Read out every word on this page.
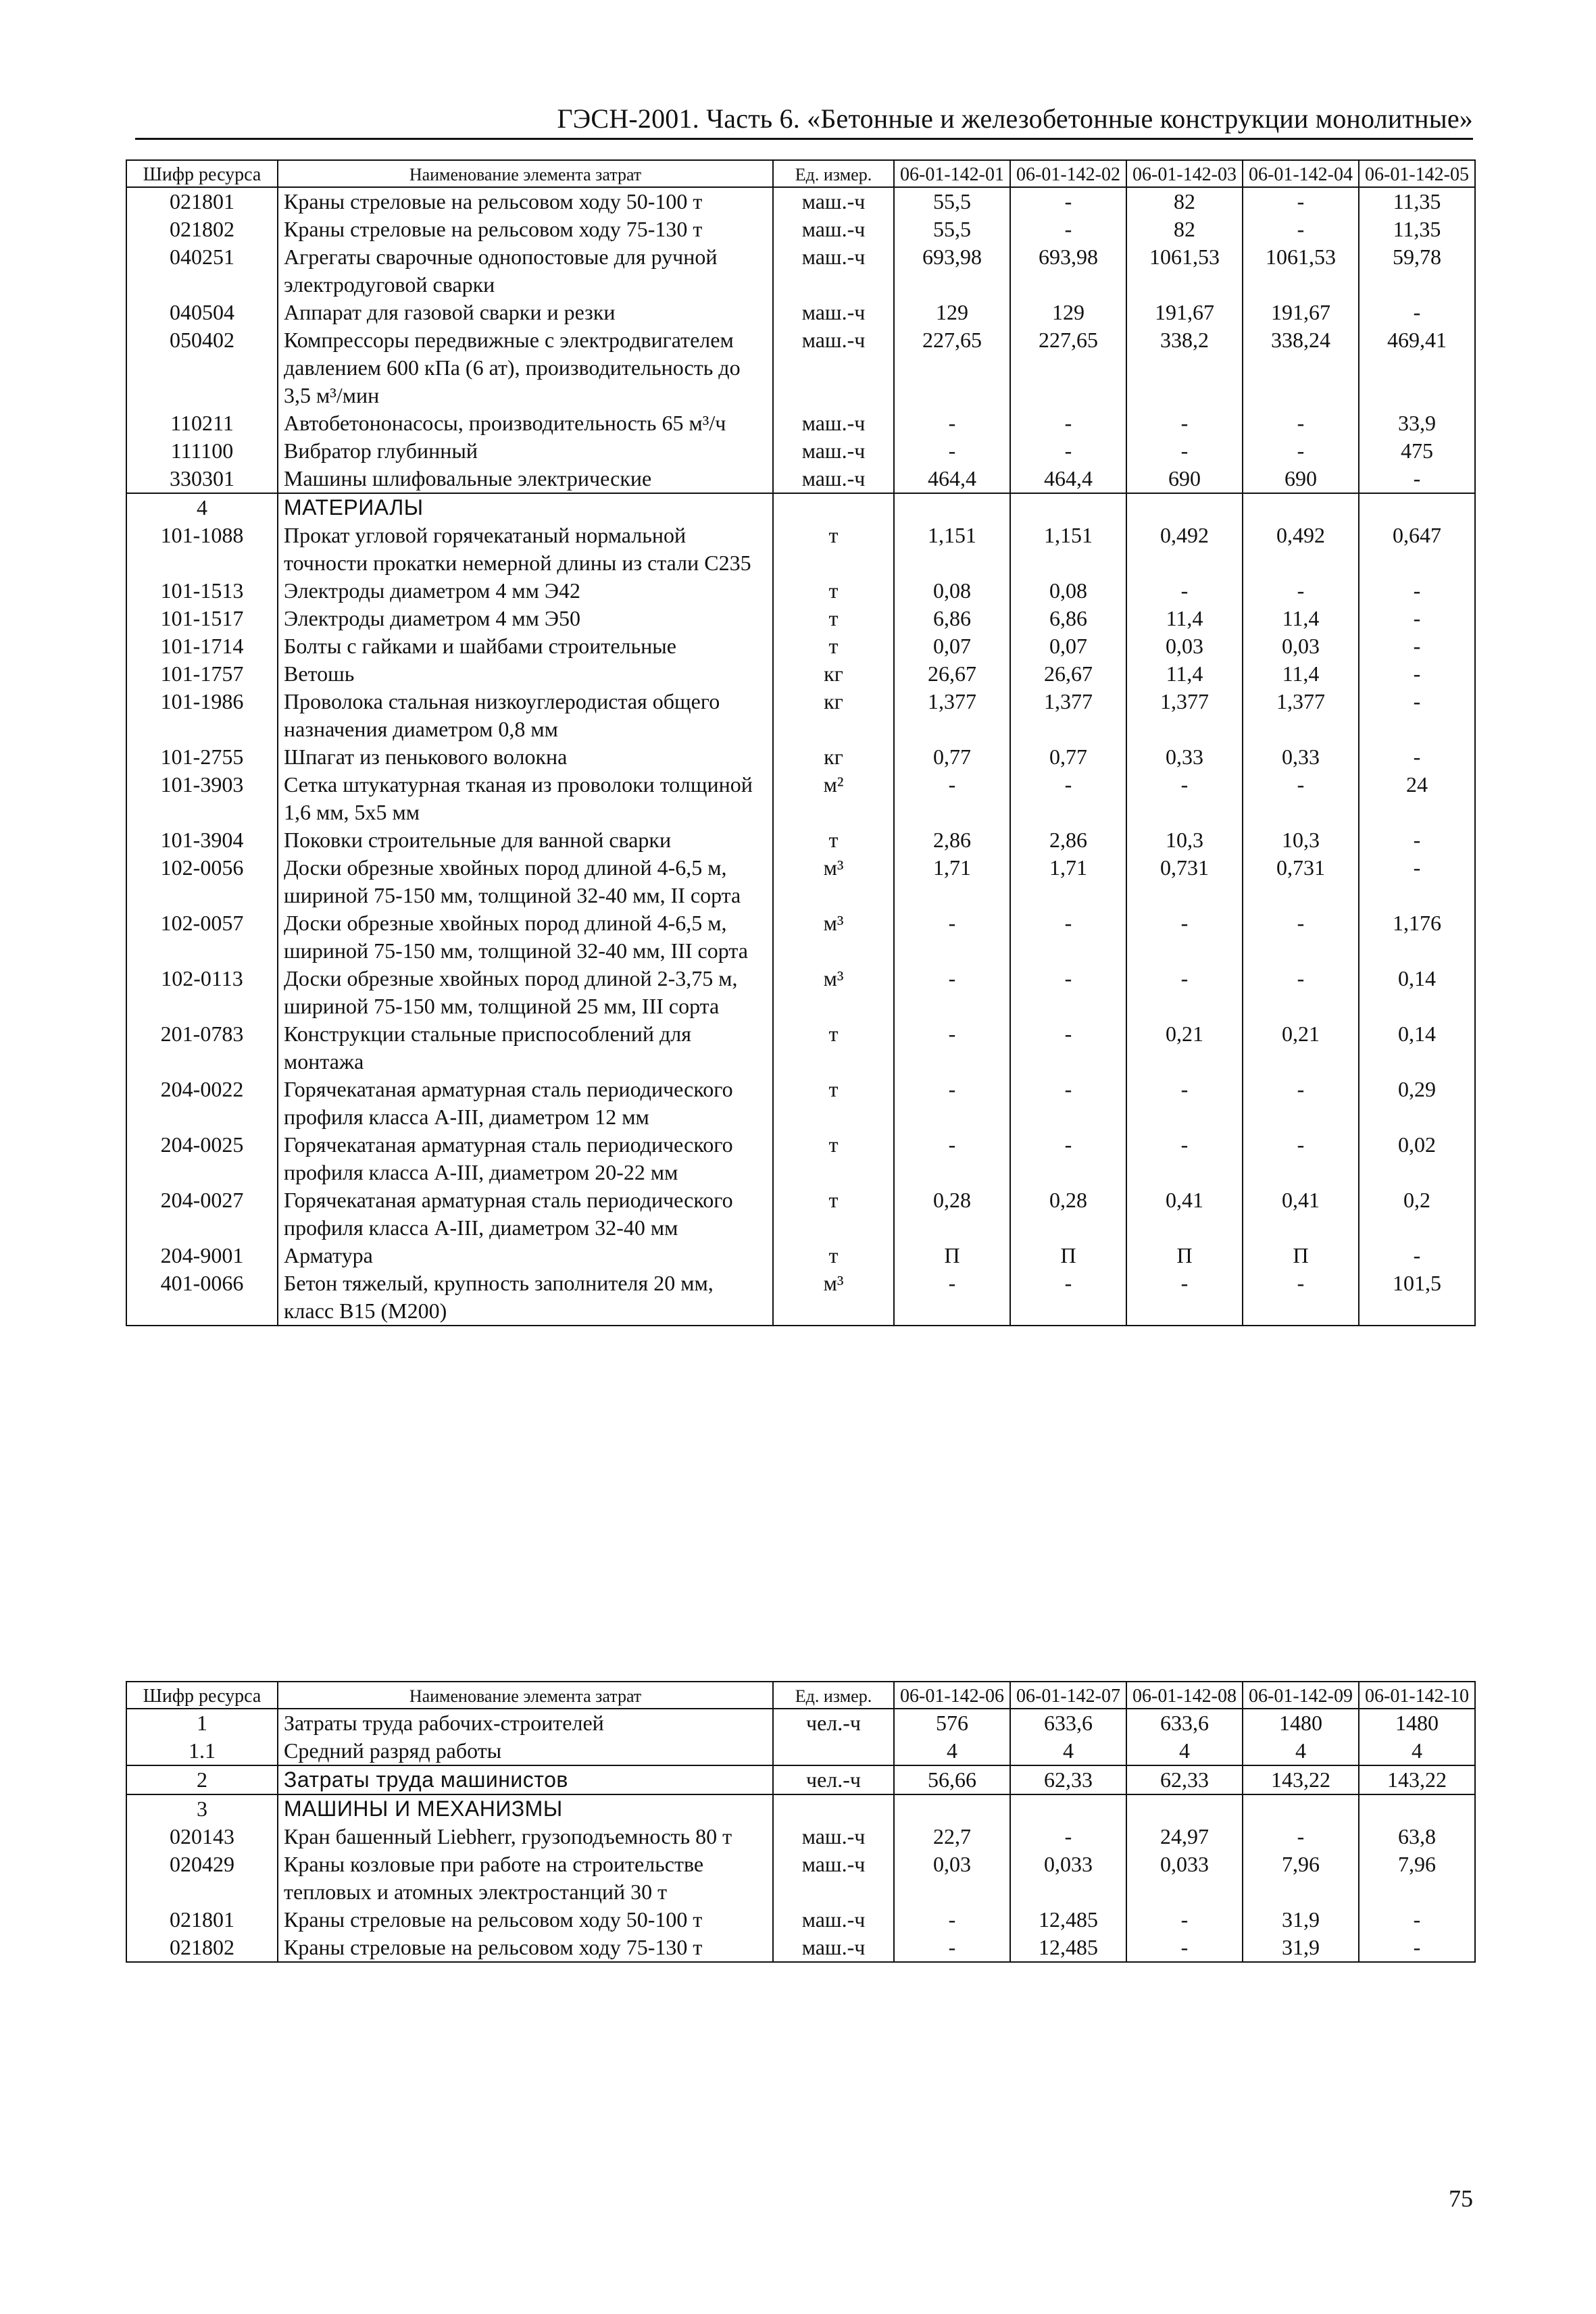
ГЭСН-2001. Часть 6. «Бетонные и железобетонные конструкции монолитные»
Шифр ресурса	Наименование элемента затрат	Ед. измер.	06-01-142-01	06-01-142-02	06-01-142-03	06-01-142-04	06-01-142-05
021801	Краны стреловые на рельсовом ходу 50-100 т	маш.-ч	55,5	-	82	-	11,35
021802	Краны стреловые на рельсовом ходу 75-130 т	маш.-ч	55,5	-	82	-	11,35
040251	Агрегаты сварочные однопостовые для ручной электродуговой сварки	маш.-ч	693,98	693,98	1061,53	1061,53	59,78
040504	Аппарат для газовой сварки и резки	маш.-ч	129	129	191,67	191,67	-
050402	Компрессоры передвижные с электродвигателем давлением 600 кПа (6 ат), производительность до 3,5 м³/мин	маш.-ч	227,65	227,65	338,2	338,24	469,41
110211	Автобетононасосы, производительность 65 м³/ч	маш.-ч	-	-	-	-	33,9
111100	Вибратор глубинный	маш.-ч	-	-	-	-	475
330301	Машины шлифовальные электрические	маш.-ч	464,4	464,4	690	690	-
4	МАТЕРИАЛЫ						
101-1088	Прокат угловой горячекатаный нормальной точности прокатки немерной длины из стали С235	т	1,151	1,151	0,492	0,492	0,647
101-1513	Электроды диаметром 4 мм Э42	т	0,08	0,08	-	-	-
101-1517	Электроды диаметром 4 мм Э50	т	6,86	6,86	11,4	11,4	-
101-1714	Болты с гайками и шайбами строительные	т	0,07	0,07	0,03	0,03	-
101-1757	Ветошь	кг	26,67	26,67	11,4	11,4	-
101-1986	Проволока стальная низкоуглеродистая общего назначения диаметром 0,8 мм	кг	1,377	1,377	1,377	1,377	-
101-2755	Шпагат из пенькового волокна	кг	0,77	0,77	0,33	0,33	-
101-3903	Сетка штукатурная тканая из проволоки толщиной 1,6 мм, 5х5 мм	м²	-	-	-	-	24
101-3904	Поковки строительные для ванной сварки	т	2,86	2,86	10,3	10,3	-
102-0056	Доски обрезные хвойных пород длиной 4-6,5 м, шириной 75-150 мм, толщиной 32-40 мм, II сорта	м³	1,71	1,71	0,731	0,731	-
102-0057	Доски обрезные хвойных пород длиной 4-6,5 м, шириной 75-150 мм, толщиной 32-40 мм, III сорта	м³	-	-	-	-	1,176
102-0113	Доски обрезные хвойных пород длиной 2-3,75 м, шириной 75-150 мм, толщиной 25 мм, III сорта	м³	-	-	-	-	0,14
201-0783	Конструкции стальные приспособлений для монтажа	т	-	-	0,21	0,21	0,14
204-0022	Горячекатаная арматурная сталь периодического профиля класса А-III, диаметром 12 мм	т	-	-	-	-	0,29
204-0025	Горячекатаная арматурная сталь периодического профиля класса А-III, диаметром 20-22 мм	т	-	-	-	-	0,02
204-0027	Горячекатаная арматурная сталь периодического профиля класса А-III, диаметром 32-40 мм	т	0,28	0,28	0,41	0,41	0,2
204-9001	Арматура	т	П	П	П	П	-
401-0066	Бетон тяжелый, крупность заполнителя 20 мм, класс В15 (М200)	м³	-	-	-	-	101,5
Шифр ресурса	Наименование элемента затрат	Ед. измер.	06-01-142-06	06-01-142-07	06-01-142-08	06-01-142-09	06-01-142-10
1	Затраты труда рабочих-строителей	чел.-ч	576	633,6	633,6	1480	1480
1.1	Средний разряд работы		4	4	4	4	4
2	Затраты труда машинистов	чел.-ч	56,66	62,33	62,33	143,22	143,22
3	МАШИНЫ И МЕХАНИЗМЫ						
020143	Кран башенный Liebherr, грузоподъемность 80 т	маш.-ч	22,7	-	24,97	-	63,8
020429	Краны козловые при работе на строительстве тепловых и атомных электростанций 30 т	маш.-ч	0,03	0,033	0,033	7,96	7,96
021801	Краны стреловые на рельсовом ходу 50-100 т	маш.-ч	-	12,485	-	31,9	-
021802	Краны стреловые на рельсовом ходу 75-130 т	маш.-ч	-	12,485	-	31,9	-
75
